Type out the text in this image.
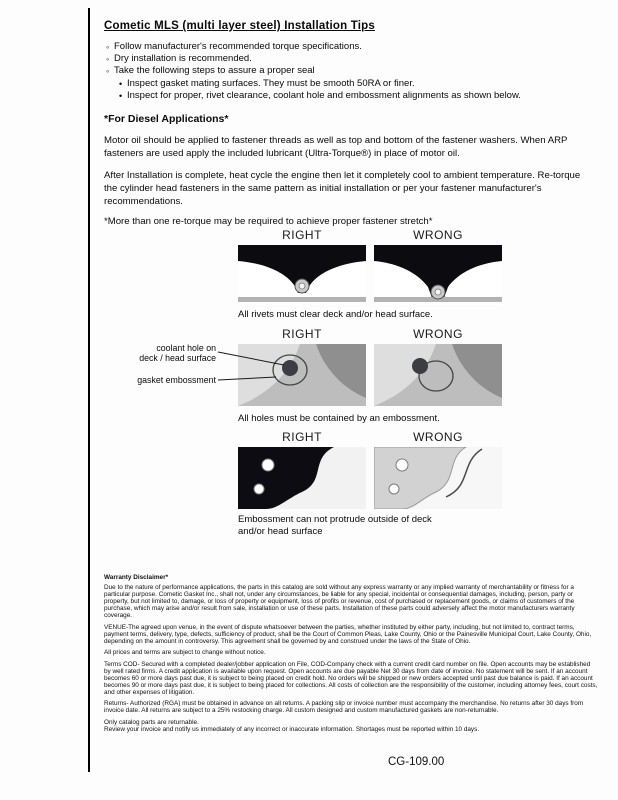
Cometic MLS (multi layer steel) Installation Tips
◦ Follow manufacturer's recommended torque specifications.
◦ Dry installation is recommended.
◦ Take the following steps to assure a proper seal
• Inspect gasket mating surfaces. They must be smooth 50RA or finer.
• Inspect for proper, rivet clearance, coolant hole and embossment alignments as shown below.
*For Diesel Applications*

Motor oil should be applied to fastener threads as well as top and bottom of the fastener washers. When ARP fasteners are used apply the included lubricant (Ultra-Torque®) in place of motor oil.

After Installation is complete, heat cycle the engine then let it completely cool to ambient temperature. Re-torque the cylinder head fasteners in the same pattern as initial installation or per your fastener manufacturer's recommendations.

*More than one re-torque may be required to achieve proper fastener stretch*

RIGHT	WRONG
All rivets must clear deck and/or head surface.
RIGHT	WRONG
coolant hole on
deck / head surface
gasket embossment
All holes must be contained by an embossment.
RIGHT	WRONG
Embossment can not protrude outside of deck and/or head surface
Warranty Disclaimer*

Due to the nature of performance applications, the parts in this catalog are sold without any express warranty or any implied warranty of merchantability or fitness for a particular purpose. Cometic Gasket Inc., shall not, under any circumstances, be liable for any special, incidental or consequential damages, including, person, party or property, but not limited to, damage, or loss of property or equipment, loss of profits or revenue, cost of purchased or replacement goods, or claims of customers of the purchase, which may arise and/or result from sale, installation or use of these parts. Installation of these parts could adversely affect the motor manufacturers warranty coverage.

VENUE-The agreed upon venue, in the event of dispute whatsoever between the parties, whether instituted by either party, including, but not limited to, contract terms, payment terms, delivery, type, defects, sufficiency of product, shall be the Court of Common Pleas, Lake County, Ohio or the Painesville Municipal Court, Lake County, Ohio, depending on the amount in controversy. This agreement shall be governed by and construed under the laws of the State of Ohio.

All prices and terms are subject to change without notice.

Terms COD- Secured with a completed dealer/jobber application on File, COD-Company check with a current credit card number on file. Open accounts may be established by well rated firms. A credit application is available upon request. Open accounts are due payable Net 30 days from date of invoice. No statement will be sent. If an account becomes 60 or more days past due, it is subject to being placed on credit hold. No orders will be shipped or new orders accepted until past due balance is paid. If an account becomes 90 or more days past due, it is subject to being placed for collections. All costs of collection are the responsibility of the customer, including attorney fees, court costs, and other expenses of litigation.

Returns- Authorized (RGA) must be obtained in advance on all returns. A packing slip or invoice number must accompany the merchandise. No returns after 30 days from invoice date. All returns are subject to a 25% restocking charge. All custom designed and custom manufactured gaskets are non-returnable.

Only catalog parts are returnable.

Review your invoice and notify us immediately of any incorrect or inaccurate information. Shortages must be reported within 10 days.

CG-109.00
